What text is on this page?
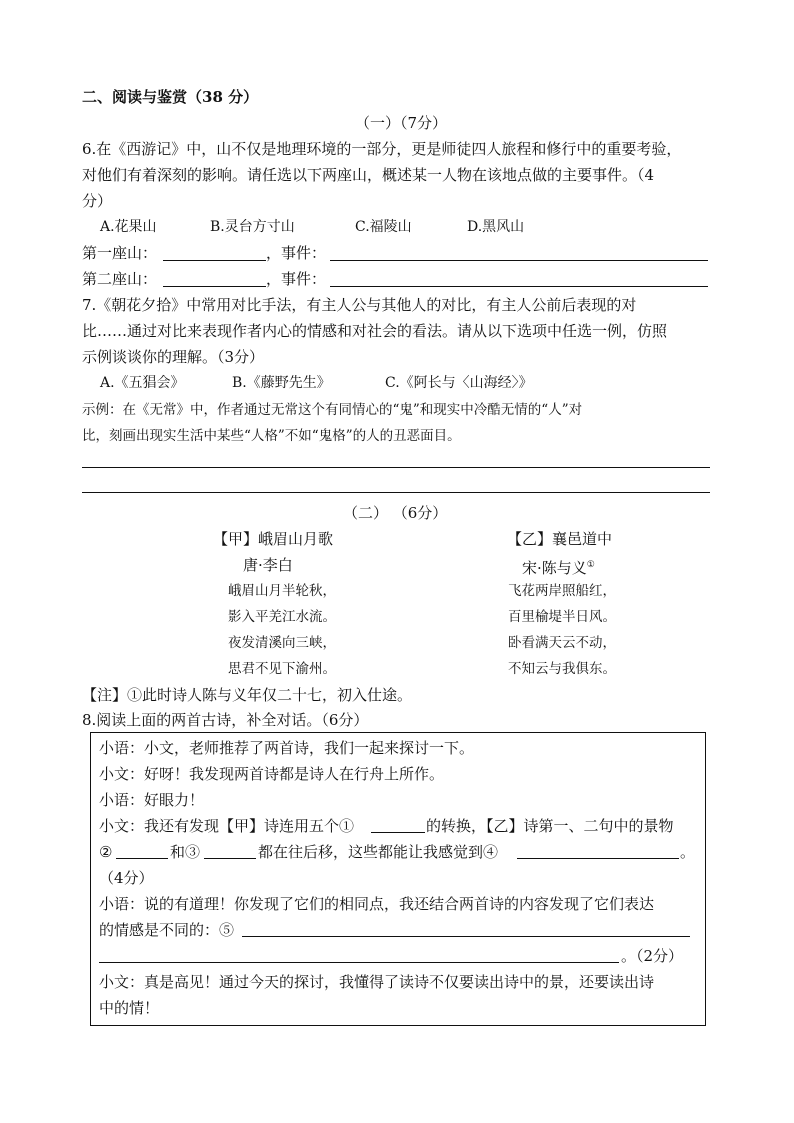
二、阅读与鉴赏（38 分）
（一）（7分）
6.在《西游记》中，山不仅是地理环境的一部分，更是师徒四人旅程和修行中的重要考验，
对他们有着深刻的影响。请任选以下两座山，概述某一人物在该地点做的主要事件。（4
分）
A.花果山	B.灵台方寸山	C.福陵山	D.黑风山
第一座山：	，事件：
第二座山：	，事件：
7.《朝花夕拾》中常用对比手法，有主人公与其他人的对比，有主人公前后表现的对
比……通过对比来表现作者内心的情感和对社会的看法。请从以下选项中任选一例，仿照
示例谈谈你的理解。（3分）
A.《五猖会》	B.《藤野先生》	C.《阿长与〈山海经〉》
示例：在《无常》中，作者通过无常这个有同情心的“鬼”和现实中冷酷无情的“人”对
比，刻画出现实生活中某些“人格”不如“鬼格”的人的丑恶面目。
（二） （6分）
【甲】峨眉山月歌
唐·李白
峨眉山月半轮秋，
影入平羌江水流。
夜发清溪向三峡，
思君不见下渝州。
【乙】襄邑道中
宋·陈与义①
飞花两岸照船红，
百里榆堤半日风。
卧看满天云不动，
不知云与我俱东。
【注】①此时诗人陈与义年仅二十七，初入仕途。
8.阅读上面的两首古诗，补全对话。（6分）
小语：小文，老师推荐了两首诗，我们一起来探讨一下。
小文：好呀！我发现两首诗都是诗人在行舟上所作。
小语：好眼力！
小文：我还有发现【甲】诗连用五个①	的转换，【乙】诗第一、二句中的景物
②	和③	都在往后移，这些都能让我感觉到④	。
（4分）
小语：说的有道理！你发现了它们的相同点，我还结合两首诗的内容发现了它们表达
的情感是不同的：⑤
。（2分）
小文：真是高见！通过今天的探讨，我懂得了读诗不仅要读出诗中的景，还要读出诗
中的情！
